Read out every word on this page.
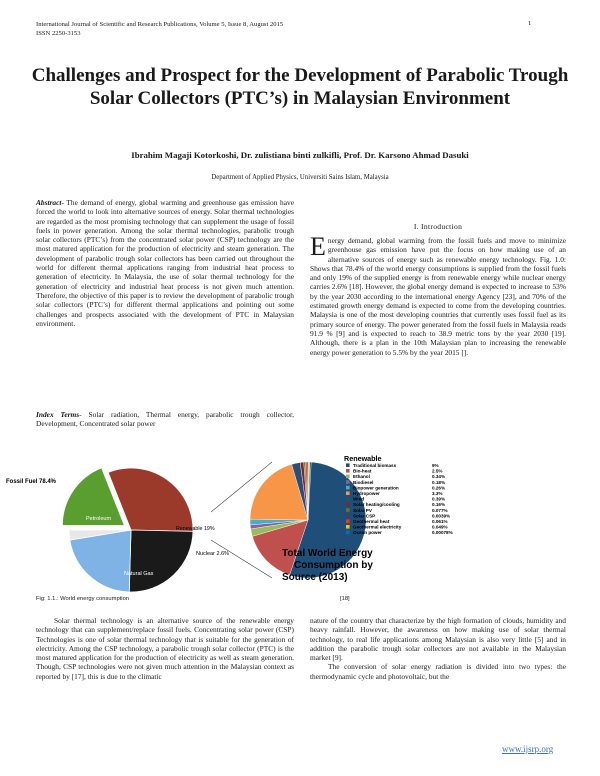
International Journal of Scientific and Research Publications, Volume 5, Issue 8, August 2015
ISSN 2250-3153
1
Challenges and Prospect for the Development of Parabolic Trough Solar Collectors (PTC’s) in Malaysian Environment
Ibrahim Magaji Kotorkoshi, Dr. zulistiana binti zulkifli, Prof. Dr. Karsono Ahmad Dasuki
Department of Applied Physics, Universiti Sains Islam, Malaysia
Abstract- The demand of energy, global warming and greenhouse gas emission have forced the world to look into alternative sources of energy. Solar thermal technologies are regarded as the most promising technology that can supplement the usage of fossil fuels in power generation. Among the solar thermal technologies, parabolic trough solar collectors (PTC’s) from the concentrated solar power (CSP) technology are the most matured application for the production of electricity and steam generation. The development of parabolic trough solar collectors has been carried out throughout the world for different thermal applications ranging from industrial heat process to generation of electricity. In Malaysia, the use of solar thermal technology for the generation of electricity and industrial heat process is not given much attention. Therefore, the objective of this paper is to review the development of parabolic trough solar collectors (PTC’s) for different thermal applications and pointing out some challenges and prospects associated with the development of PTC in Malaysian environment.
Index Terms- Solar radiation, Thermal energy, parabolic trough collector, Development, Concentrated solar power
I. Introduction
Energy demand, global warming from the fossil fuels and move to minimize greenhouse gas emission have put the focus on how making use of an alternative sources of energy such as renewable energy technology. Fig. 1.0: Shows that 78.4% of the world energy consumptions is supplied from the fossil fuels and only 19% of the supplied energy is from renewable energy while nuclear energy carries 2.6% [18]. However, the global energy demand is expected to increase to 53% by the year 2030 according to the international energy Agency [23], and 70% of the estimated growth energy demand is expected to come from the developing countries. Malaysia is one of the most developing countries that currently uses fossil fuel as its primary source of energy. The power generated from the fossil fuels in Malaysia reads 91.9 % [9] and is expected to reach to 38.9 metric tons by the year 2030 [19]. Although, there is a plan in the 10th Malaysian plan to increasing the renewable energy power generation to 5.5% by the year 2015 [].
Fossil Fuel 78.4%
Petroleum
Coal
Natural Gas
Renewable 19%
Nuclear 2.6%
Renewable
Traditional biomass	9%
Bio-heat	2.5%
Ethanol	0.34%
Biodiesel	0.18%
Biopower generation	0.26%
Hydropower	3.3%
Wind	0.39%
Solar heating/cooling	0.16%
Solar PV	0.077%
Solar CSP	0.0039%
Geothermal heat	0.061%
Geothermal electricity	0.049%
Ocean power	0.00078%
Total World Energy
Consumption by
Source (2013)
Fig: 1.1.: World energy consumption	[18]

Solar thermal technology is an alternative source of the renewable energy technology that can supplement/replace fossil fuels. Concentrating solar power (CSP) Technologies is one of solar thermal technology that is suitable for the generation of electricity. Among the CSP technology, a parabolic trough solar collector (PTC) is the most matured application for the production of electricity as well as steam generation. Though, CSP technologies were not given much attention in the Malaysian context as reported by [17], this is due to the climatic

nature of the country that characterize by the high formation of clouds, humidity and heavy rainfall. However, the awareness on how making use of solar thermal technology, to real life applications among Malaysian is also very little [5] and in addition the parabolic trough solar collectors are not available in the Malaysian market [9].

The conversion of solar energy radiation is divided into two types: the thermodynamic cycle and photovoltaic, but the

www.ijsrp.org
